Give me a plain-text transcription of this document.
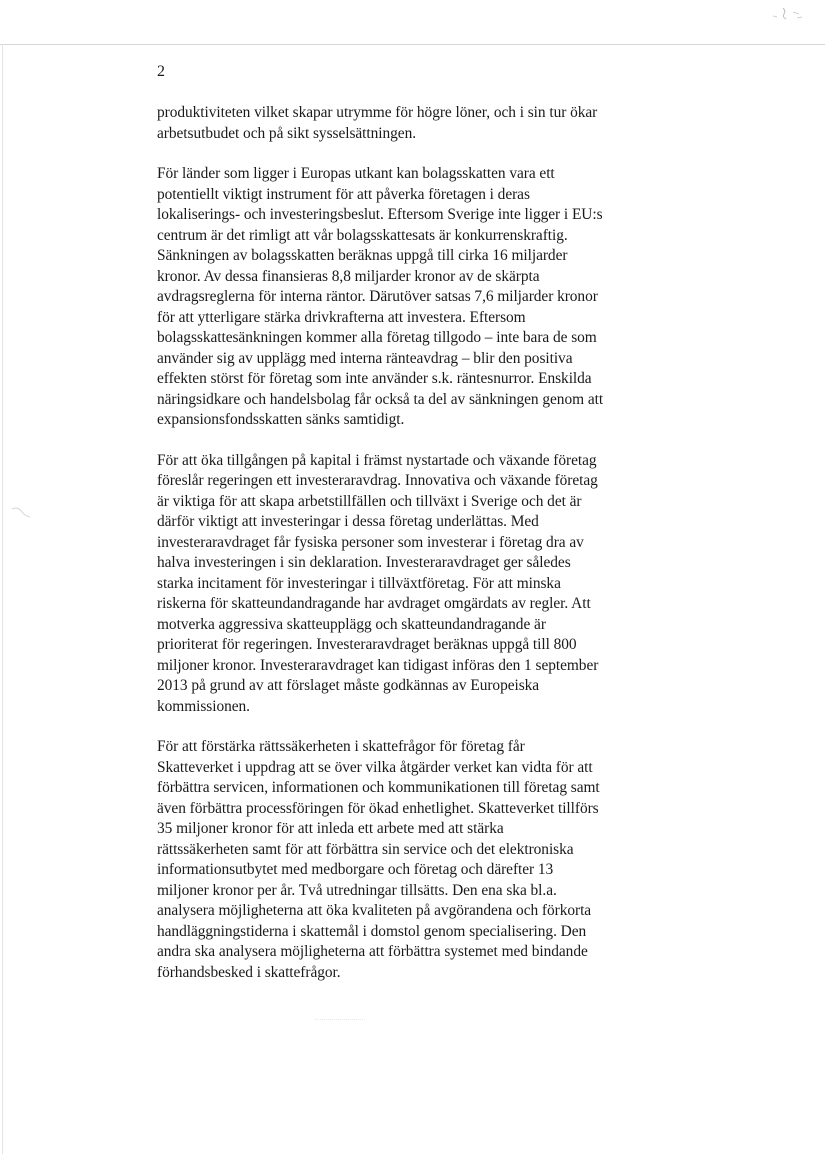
2

produktiviteten vilket skapar utrymme för högre löner, och i sin tur ökar
arbetsutbudet och på sikt sysselsättningen.

För länder som ligger i Europas utkant kan bolagsskatten vara ett
potentiellt viktigt instrument för att påverka företagen i deras
lokaliserings- och investeringsbeslut. Eftersom Sverige inte ligger i EU:s
centrum är det rimligt att vår bolagsskattesats är konkurrenskraftig.
Sänkningen av bolagsskatten beräknas uppgå till cirka 16 miljarder
kronor. Av dessa finansieras 8,8 miljarder kronor av de skärpta
avdragsreglerna för interna räntor. Därutöver satsas 7,6 miljarder kronor
för att ytterligare stärka drivkrafterna att investera. Eftersom
bolagsskattesänkningen kommer alla företag tillgodo – inte bara de som
använder sig av upplägg med interna ränteavdrag – blir den positiva
effekten störst för företag som inte använder s.k. räntesnurror. Enskilda
näringsidkare och handelsbolag får också ta del av sänkningen genom att
expansionsfondsskatten sänks samtidigt.

För att öka tillgången på kapital i främst nystartade och växande företag
föreslår regeringen ett investeraravdrag. Innovativa och växande företag
är viktiga för att skapa arbetstillfällen och tillväxt i Sverige och det är
därför viktigt att investeringar i dessa företag underlättas. Med
investeraravdraget får fysiska personer som investerar i företag dra av
halva investeringen i sin deklaration. Investeraravdraget ger således
starka incitament för investeringar i tillväxtföretag. För att minska
riskerna för skatteundandragande har avdraget omgärdats av regler. Att
motverka aggressiva skatteupplägg och skatteundandragande är
prioriterat för regeringen. Investeraravdraget beräknas uppgå till 800
miljoner kronor. Investeraravdraget kan tidigast införas den 1 september
2013 på grund av att förslaget måste godkännas av Europeiska
kommissionen.

För att förstärka rättssäkerheten i skattefrågor för företag får
Skatteverket i uppdrag att se över vilka åtgärder verket kan vidta för att
förbättra servicen, informationen och kommunikationen till företag samt
även förbättra processföringen för ökad enhetlighet. Skatteverket tillförs
35 miljoner kronor för att inleda ett arbete med att stärka
rättssäkerheten samt för att förbättra sin service och det elektroniska
informationsutbytet med medborgare och företag och därefter 13
miljoner kronor per år. Två utredningar tillsätts. Den ena ska bl.a.
analysera möjligheterna att öka kvaliteten på avgörandena och förkorta
handläggningstiderna i skattemål i domstol genom specialisering. Den
andra ska analysera möjligheterna att förbättra systemet med bindande
förhandsbesked i skattefrågor.
